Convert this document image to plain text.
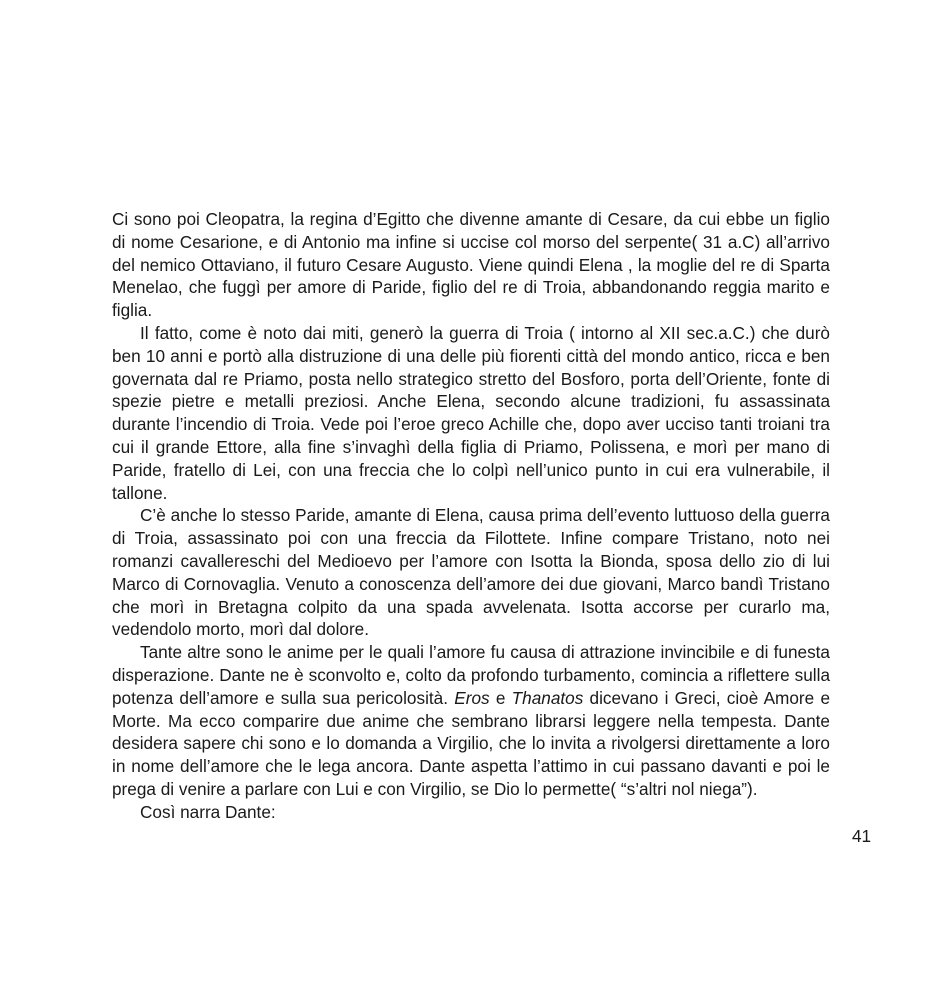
Ci sono poi Cleopatra, la regina d’Egitto che divenne amante di Cesare, da cui ebbe un figlio di nome Cesarione, e di Antonio ma infine si uccise col morso del serpente( 31 a.C) all’arrivo del nemico Ottaviano, il futuro Cesare Augusto. Viene quindi Elena , la moglie del re di Sparta Menelao, che fuggì per amore di Paride, figlio del re di Troia, abbandonando reggia marito e figlia.

Il fatto, come è noto dai miti, generò la guerra di Troia ( intorno al XII sec.a.C.) che durò ben 10 anni e portò alla distruzione di una delle più fiorenti città del mondo antico, ricca e ben governata dal re Priamo, posta nello strategico stretto del Bosforo, porta dell’Oriente, fonte di spezie pietre e metalli preziosi. Anche Elena, secondo alcune tradizioni, fu assassinata durante l’incendio di Troia. Vede poi l’eroe greco Achille che, dopo aver ucciso tanti troiani tra cui il grande Ettore, alla fine s’invaghì della figlia di Priamo, Polissena, e morì per mano di Paride, fratello di Lei, con una freccia che lo colpì nell’unico punto in cui era vulnerabile, il tallone.

C’è anche lo stesso Paride, amante di Elena, causa prima dell’evento luttuoso della guerra di Troia, assassinato poi con una freccia da Filottete. Infine compare Tristano, noto nei romanzi cavallereschi del Medioevo per l’amore con Isotta la Bionda, sposa dello zio di lui Marco di Cornovaglia. Venuto a conoscenza dell’amore dei due giovani, Marco bandì Tristano che morì in Bretagna colpito da una spada avvelenata. Isotta accorse per curarlo ma, vedendolo morto, morì dal dolore.

Tante altre sono le anime per le quali l’amore fu causa di attrazione invincibile e di funesta disperazione. Dante ne è sconvolto e, colto da profondo turbamento, comincia a riflettere sulla potenza dell’amore e sulla sua pericolosità. Eros e Thanatos dicevano i Greci, cioè Amore e Morte. Ma ecco comparire due anime che sembrano librarsi leggere nella tempesta. Dante desidera sapere chi sono e lo domanda a Virgilio, che lo invita a rivolgersi direttamente a loro in nome dell’amore che le lega ancora. Dante aspetta l’attimo in cui passano davanti e poi le prega di venire a parlare con Lui e con Virgilio, se Dio lo permette( “s’altri nol niega”).

Così narra Dante:

41
